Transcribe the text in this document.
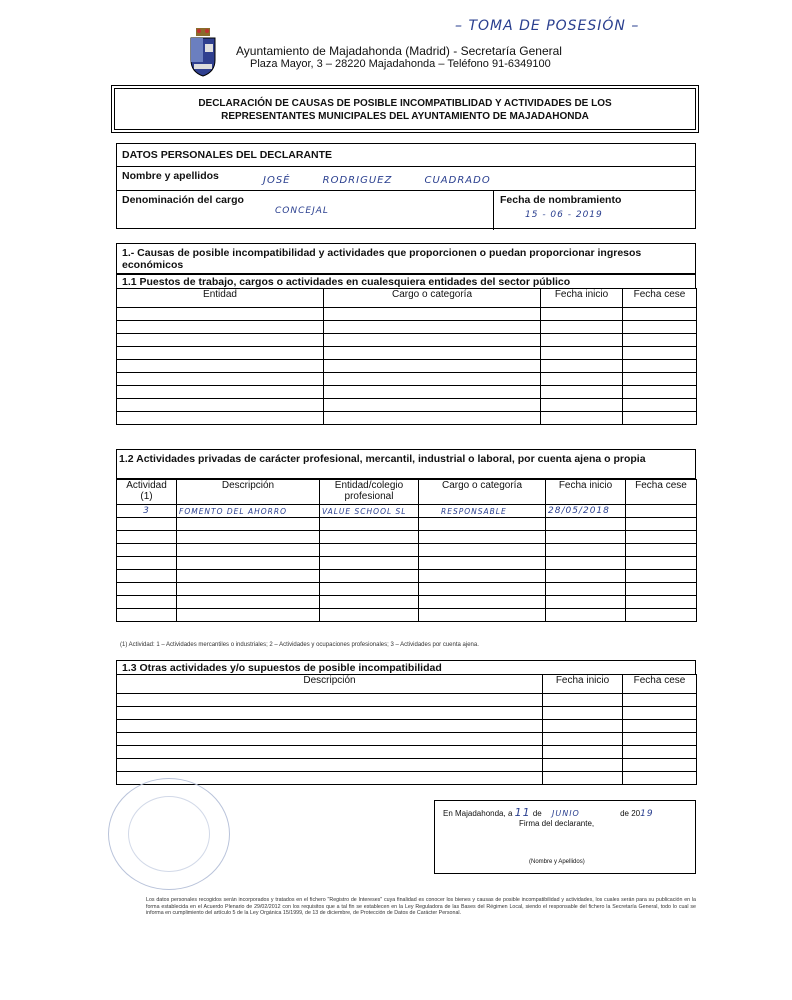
– TOMA DE POSESIÓN –
Ayuntamiento de Majadahonda (Madrid) - Secretaría General
Plaza Mayor, 3 – 28220 Majadahonda – Teléfono 91-6349100
DECLARACIÓN DE CAUSAS DE POSIBLE INCOMPATIBLIDAD Y ACTIVIDADES DE LOS
REPRESENTANTES MUNICIPALES DEL AYUNTAMIENTO DE MAJADAHONDA
DATOS PERSONALES DEL DECLARANTE
Nombre y apellidos	JOSÉ RODRIGUEZ CUADRADO
Denominación del cargo
CONCEJAL
Fecha de nombramiento
15 - 06 - 2019
1.- Causas de posible incompatibilidad y actividades que proporcionen o puedan proporcionar ingresos económicos
1.1 Puestos de trabajo, cargos o actividades en cualesquiera entidades del sector público
Entidad	Cargo o categoría	Fecha inicio	Fecha cese

1.2 Actividades privadas de carácter profesional, mercantil, industrial o laboral, por cuenta ajena o propia
Actividad (1)	Descripción	Entidad/colegio profesional	Cargo o categoría	Fecha inicio	Fecha cese
3	FOMENTO DEL AHORRO	VALUE SCHOOL SL	RESPONSABLE	28/05/2018	

(1) Actividad: 1 – Actividades mercantiles o industriales; 2 – Actividades y ocupaciones profesionales; 3 – Actividades por cuenta ajena.
1.3 Otras actividades y/o supuestos de posible incompatibilidad
Descripción	Fecha inicio	Fecha cese

En Majadahonda, a 11 de JUNIO	de 2019
Firma del declarante,
(Nombre y Apellidos)
Los datos personales recogidos serán incorporados y tratados en el fichero "Registro de Intereses" cuya finalidad es conocer los bienes y causas de posible incompatibilidad y actividades, los cuales serán para su publicación en la forma establecida en el Acuerdo Plenario de 29/02/2012 con los requisitos que a tal fin se establecen en la Ley Reguladora de las Bases del Régimen Local, siendo el responsable del fichero la Secretaría General, todo lo cual se informa en cumplimiento del artículo 5 de la Ley Orgánica 15/1999, de 13 de diciembre, de Protección de Datos de Carácter Personal.
